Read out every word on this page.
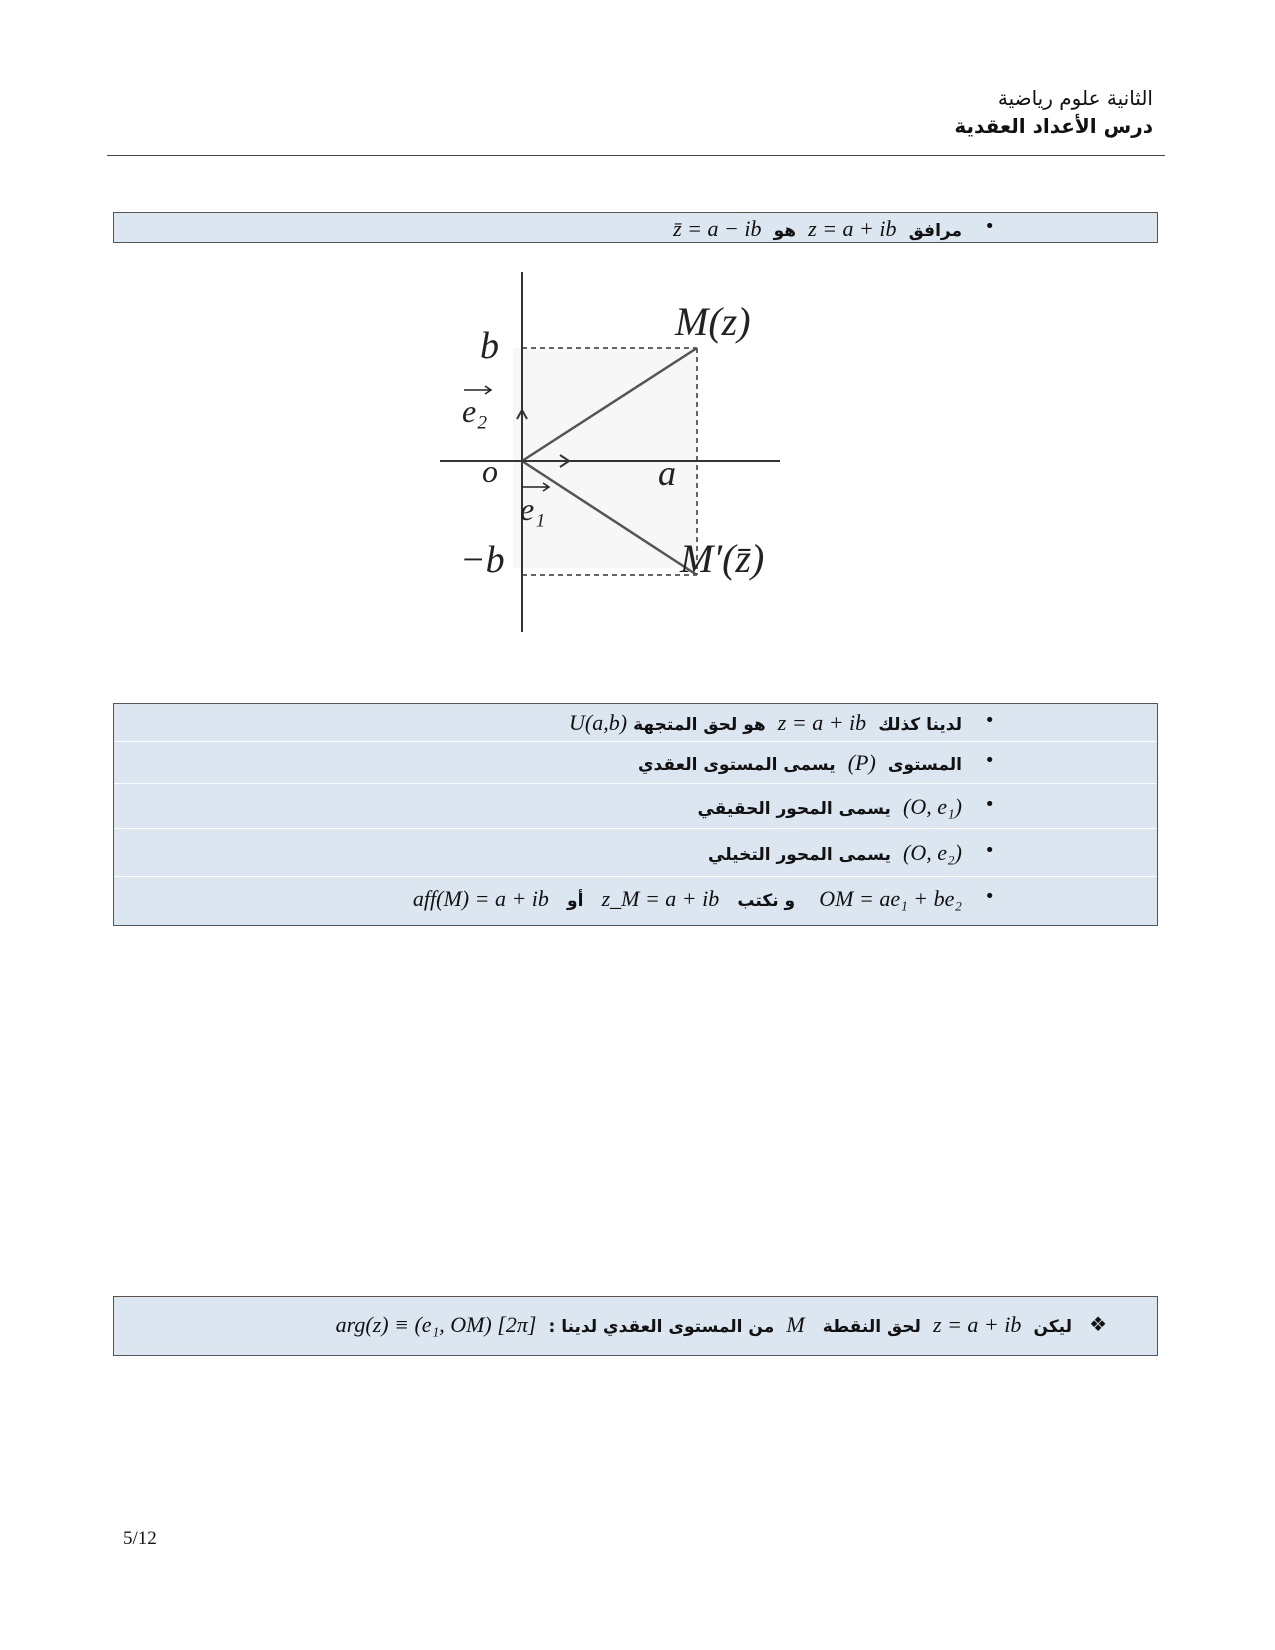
الثانية علوم رياضية
درس الأعداد العقدية
•
مرافق  z = a + ib  هو  z̄ = a − ib
M(z)
M′(z̄)
b
−b
a
o
e₂
e₁
•
لدينا كذلك  z = a + ib  هو لحق المتجهة U(a,b)
•
المستوى  (P)  يسمى المستوى العقدي
•
(O, e₁)  يسمى المحور الحقيقي
•
(O, e₂)  يسمى المحور التخيلي
•
OM = ae₁ + be₂    و نكتب   z_M = a + ib   أو   aff(M) = a + ib
❖
ليكن  z = a + ib  لحق النقطة   M  من المستوى العقدي لدينا :  arg(z) ≡ (e₁, OM) [2π]
5/12
